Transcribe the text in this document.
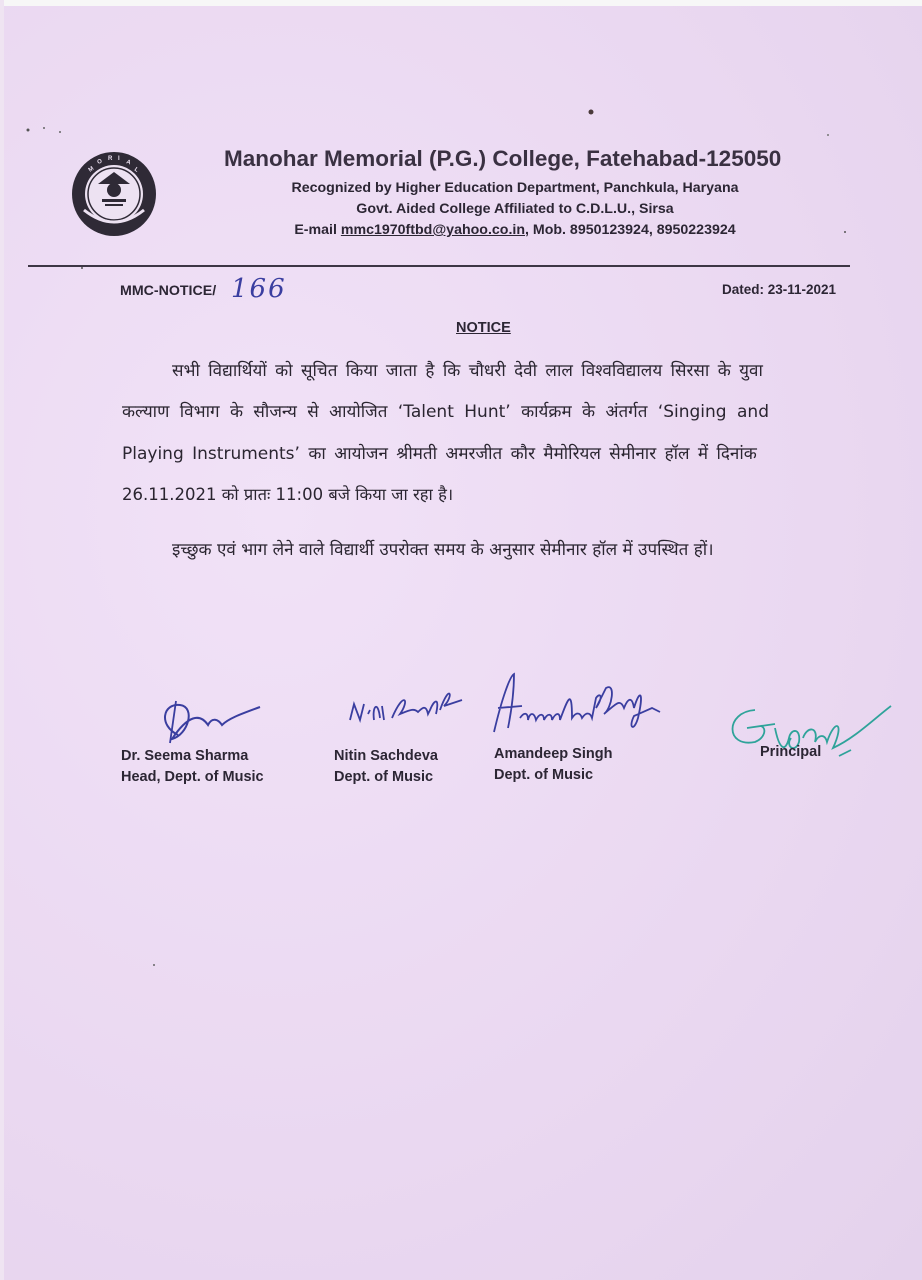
M
O R I
A
L	Manohar Memorial (P.G.) College, Fatehabad-125050
Recognized by Higher Education Department, Panchkula, Haryana
Govt. Aided College Affiliated to C.D.L.U., Sirsa
E-mail mmc1970ftbd@yahoo.co.in, Mob. 8950123924, 8950223924
MMC-NOTICE/ 166	Dated: 23-11-2021
NOTICE
सभी विद्यार्थियों को सूचित किया जाता है कि चौधरी देवी लाल विश्वविद्यालय सिरसा के युवा
कल्याण विभाग के सौजन्य से आयोजित ‘Talent Hunt’ कार्यक्रम के अंतर्गत ‘Singing and
Playing Instruments’ का आयोजन श्रीमती अमरजीत कौर मैमोरियल सेमीनार हॉल में दिनांक
26.11.2021 को प्रातः 11:00 बजे किया जा रहा है।
इच्छुक एवं भाग लेने वाले विद्यार्थी उपरोक्त समय के अनुसार सेमीनार हॉल में उपस्थित हों।
Dr. Seema Sharma
Head, Dept. of Music
Nitin Sachdeva
Dept. of Music
Amandeep Singh
Dept. of Music
Principal
